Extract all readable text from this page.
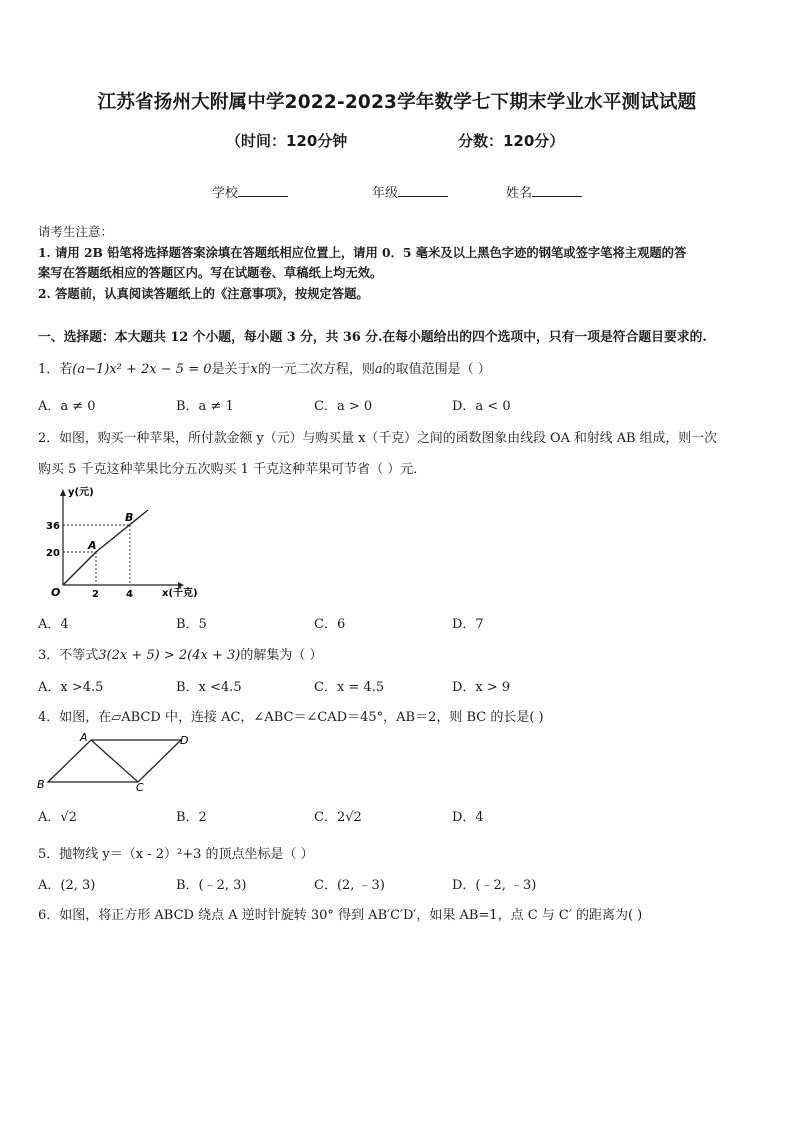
江苏省扬州大附属中学2022-2023学年数学七下期末学业水平测试试题
（时间：120分钟	分数：120分）
学校	年级	姓名
请考生注意：
1. 请用 2B 铅笔将选择题答案涂填在答题纸相应位置上，请用 0．5 毫米及以上黑色字迹的钢笔或签字笔将主观题的答
案写在答题纸相应的答题区内。写在试题卷、草稿纸上均无效。
2. 答题前，认真阅读答题纸上的《注意事项》，按规定答题。
一、选择题：本大题共 12 个小题，每小题 3 分，共 36 分.在每小题给出的四个选项中，只有一项是符合题目要求的.
1．若(a−1)x² + 2x − 5 = 0是关于x的一元二次方程，则a的取值范围是（ ）
A．a ≠ 0	B．a ≠ 1	C．a > 0	D．a < 0
2．如图，购买一种苹果，所付款金额 y（元）与购买量 x（千克）之间的函数图象由线段 OA 和射线 AB 组成，则一次
购买 5 千克这种苹果比分五次购买 1 千克这种苹果可节省（ ）元．
y(元)
x(千克)
O
A
B
36
20
2	4
A．4	B．5	C．6	D．7
3．不等式3(2x + 5) > 2(4x + 3)的解集为（ ）
A．x >4.5	B．x <4.5	C．x = 4.5	D．x > 9
4．如图，在▱ABCD 中，连接 AC，∠ABC＝∠CAD＝45°，AB＝2，则 BC 的长是( )
A
B	C
D
A．√2	B．2	C．2√2	D．4
5．抛物线 y＝（x - 2）²+3 的顶点坐标是（ ）
A．(2, 3)	B．(﹣2, 3)	C．(2, ﹣3)	D．(﹣2, ﹣3)
6．如图，将正方形 ABCD 绕点 A 逆时针旋转 30° 得到 AB′C′D′，如果 AB=1，点 C 与 C′ 的距离为( )
